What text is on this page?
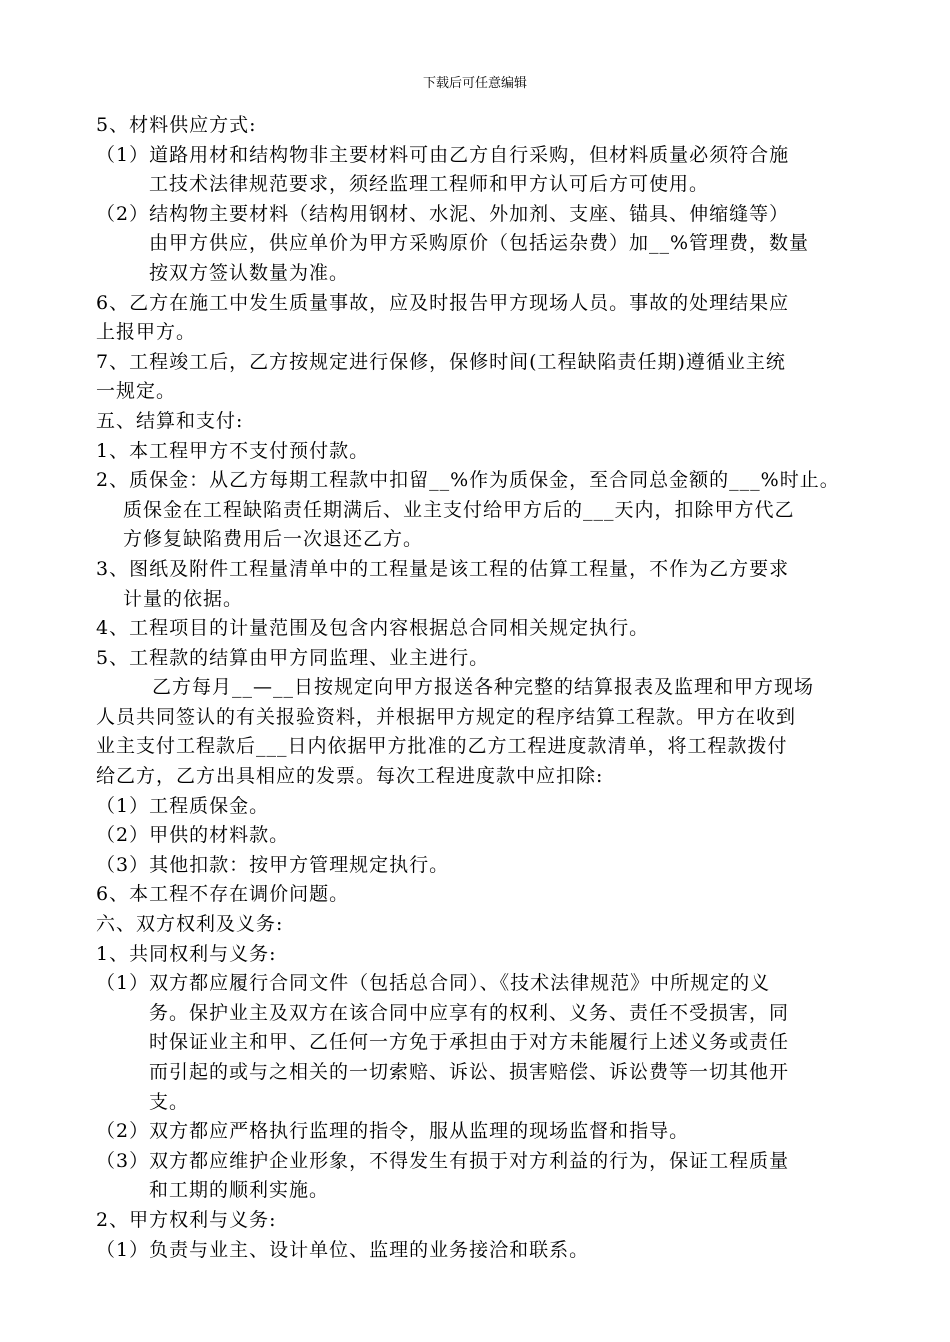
下载后可任意编辑

5、材料供应方式:

（1）道路用材和结构物非主要材料可由乙方自行采购，但材料质量必须符合施

工技术法律规范要求，须经监理工程师和甲方认可后方可使用。

（2）结构物主要材料（结构用钢材、水泥、外加剂、支座、锚具、伸缩缝等）

由甲方供应，供应单价为甲方采购原价（包括运杂费）加__%管理费，数量

按双方签认数量为准。

6、乙方在施工中发生质量事故，应及时报告甲方现场人员。事故的处理结果应

上报甲方。

7、工程竣工后，乙方按规定进行保修，保修时间(工程缺陷责任期)遵循业主统

一规定。

五、结算和支付:

1、本工程甲方不支付预付款。

2、质保金：从乙方每期工程款中扣留__%作为质保金，至合同总金额的___%时止。

质保金在工程缺陷责任期满后、业主支付给甲方后的___天内，扣除甲方代乙

方修复缺陷费用后一次退还乙方。

3、图纸及附件工程量清单中的工程量是该工程的估算工程量，不作为乙方要求

计量的依据。

4、工程项目的计量范围及包含内容根据总合同相关规定执行。

5、工程款的结算由甲方同监理、业主进行。

乙方每月__—__日按规定向甲方报送各种完整的结算报表及监理和甲方现场

人员共同签认的有关报验资料，并根据甲方规定的程序结算工程款。甲方在收到

业主支付工程款后___日内依据甲方批准的乙方工程进度款清单，将工程款拨付

给乙方，乙方出具相应的发票。每次工程进度款中应扣除:

（1）工程质保金。

（2）甲供的材料款。

（3）其他扣款：按甲方管理规定执行。

6、本工程不存在调价问题。

六、双方权利及义务:

1、共同权利与义务:

（1）双方都应履行合同文件（包括总合同）、《技术法律规范》中所规定的义

务。保护业主及双方在该合同中应享有的权利、义务、责任不受损害，同

时保证业主和甲、乙任何一方免于承担由于对方未能履行上述义务或责任

而引起的或与之相关的一切索赔、诉讼、损害赔偿、诉讼费等一切其他开

支。

（2）双方都应严格执行监理的指令，服从监理的现场监督和指导。

（3）双方都应维护企业形象，不得发生有损于对方利益的行为，保证工程质量

和工期的顺利实施。

2、甲方权利与义务:

（1）负责与业主、设计单位、监理的业务接洽和联系。
